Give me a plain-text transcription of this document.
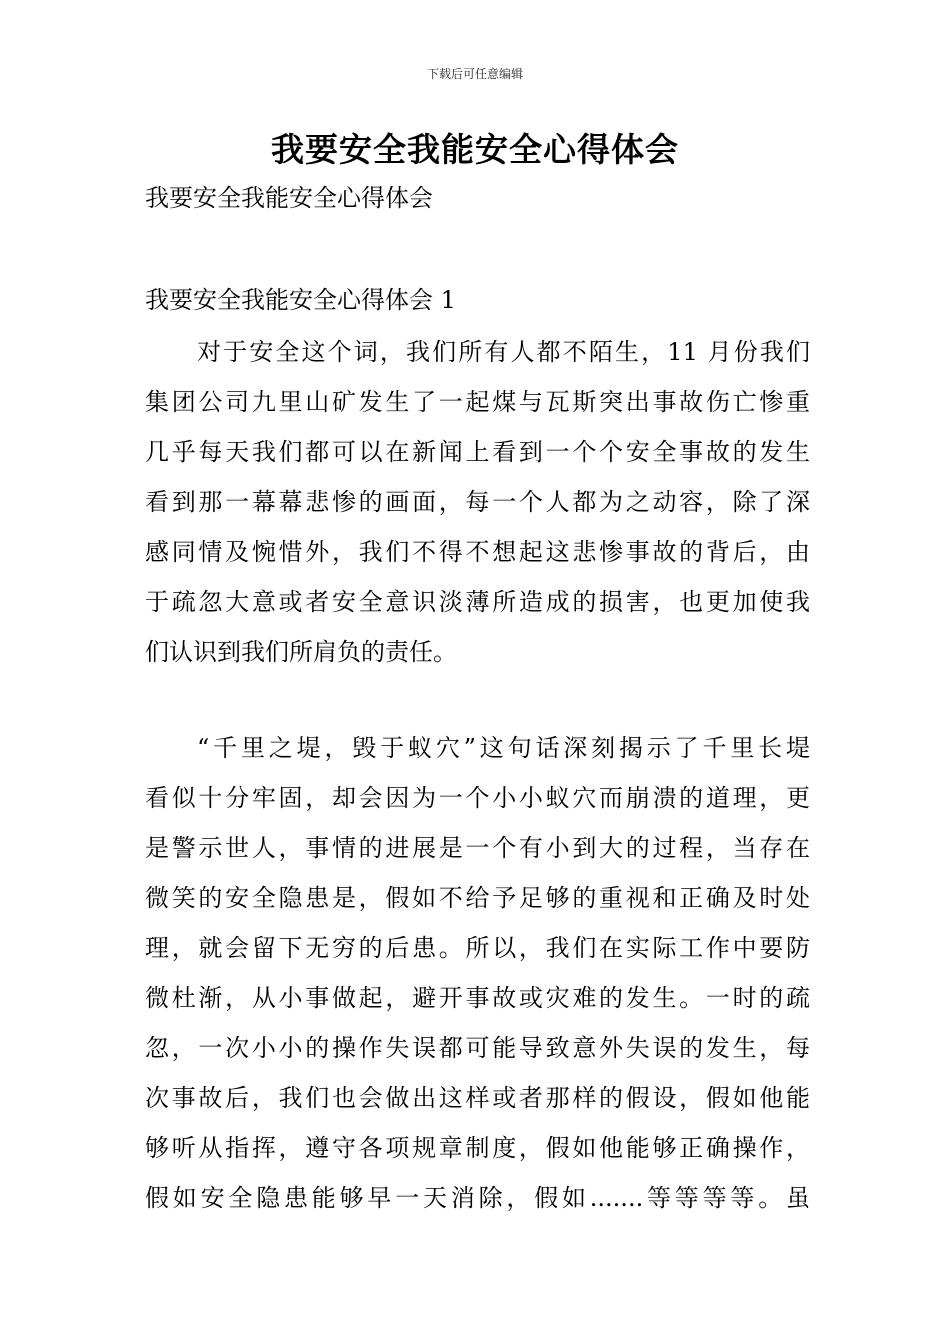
下载后可任意编辑
我要安全我能安全心得体会
我要安全我能安全心得体会
我要安全我能安全心得体会 1
对于安全这个词，我们所有人都不陌生，11 月份我们
集团公司九里山矿发生了一起煤与瓦斯突出事故伤亡惨重
几乎每天我们都可以在新闻上看到一个个安全事故的发生
看到那一幕幕悲惨的画面，每一个人都为之动容，除了深
感同情及惋惜外，我们不得不想起这悲惨事故的背后，由
于疏忽大意或者安全意识淡薄所造成的损害，也更加使我
们认识到我们所肩负的责任。
“千里之堤，毁于蚁穴”这句话深刻揭示了千里长堤
看似十分牢固，却会因为一个小小蚁穴而崩溃的道理，更
是警示世人，事情的进展是一个有小到大的过程，当存在
微笑的安全隐患是，假如不给予足够的重视和正确及时处
理，就会留下无穷的后患。所以，我们在实际工作中要防
微杜渐，从小事做起，避开事故或灾难的发生。一时的疏
忽，一次小小的操作失误都可能导致意外失误的发生，每
次事故后，我们也会做出这样或者那样的假设，假如他能
够听从指挥，遵守各项规章制度，假如他能够正确操作，
假如安全隐患能够早一天消除，假如.......等等等等。虽
